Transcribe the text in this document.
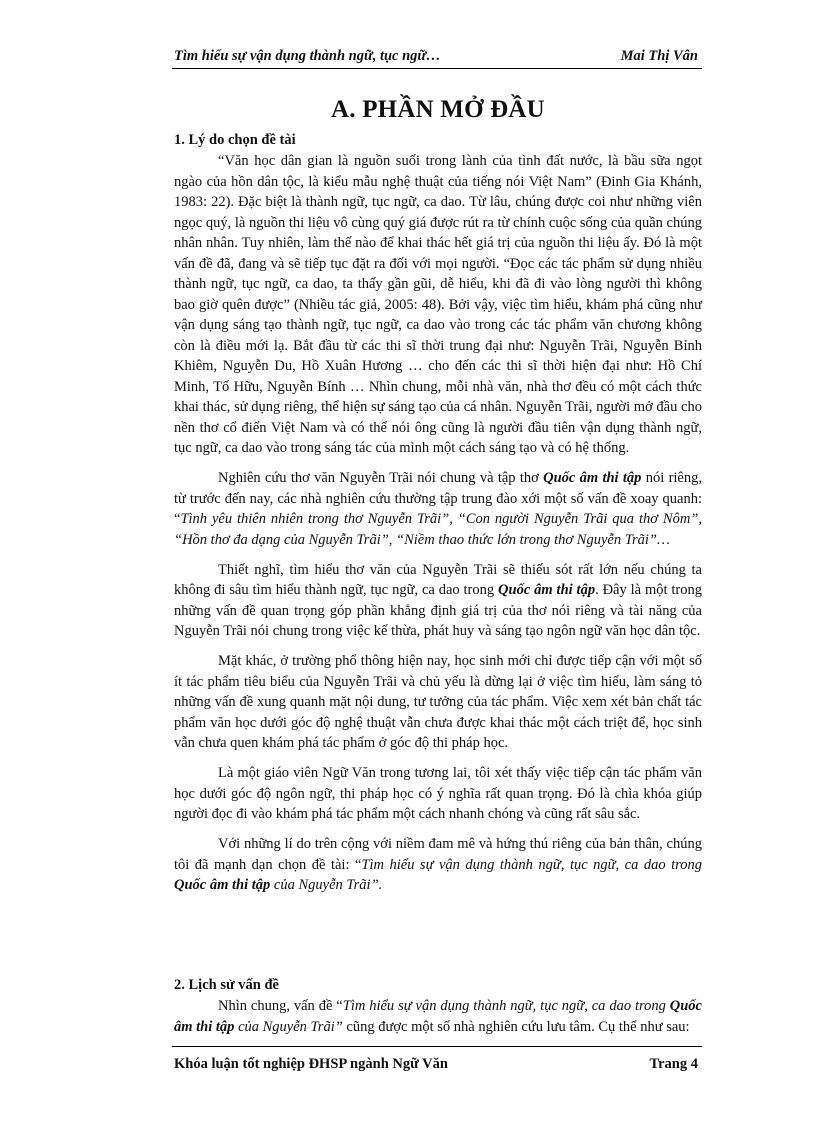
Tìm hiểu sự vận dụng thành ngữ, tục ngữ…	Mai Thị Vân
A. PHẦN MỞ ĐẦU
1. Lý do chọn đề tài

“Văn học dân gian là nguồn suối trong lành của tình đất nước, là bầu sữa ngọt ngào của hồn dân tộc, là kiểu mẫu nghệ thuật của tiếng nói Việt Nam” (Đinh Gia Khánh, 1983: 22). Đặc biệt là thành ngữ, tục ngữ, ca dao. Từ lâu, chúng được coi như những viên ngọc quý, là nguồn thi liệu vô cùng quý giá được rút ra từ chính cuộc sống của quần chúng nhân nhân. Tuy nhiên, làm thế nào để khai thác hết giá trị của nguồn thi liệu ấy. Đó là một vấn đề đã, đang và sẽ tiếp tục đặt ra đối với mọi người. “Đọc các tác phẩm sử dụng nhiều thành ngữ, tục ngữ, ca dao, ta thấy gần gũi, dễ hiểu, khi đã đi vào lòng người thì không bao giờ quên được” (Nhiều tác giả, 2005: 48). Bởi vậy, việc tìm hiểu, khám phá cũng như vận dụng sáng tạo thành ngữ, tục ngữ, ca dao vào trong các tác phẩm văn chương không còn là điều mới lạ. Bắt đầu từ các thi sĩ thời trung đại như: Nguyễn Trãi, Nguyễn Bỉnh Khiêm, Nguyễn Du, Hồ Xuân Hương … cho đến các thi sĩ thời hiện đại như: Hồ Chí Minh, Tố Hữu, Nguyễn Bính … Nhìn chung, mỗi nhà văn, nhà thơ đều có một cách thức khai thác, sử dụng riêng, thể hiện sự sáng tạo của cá nhân. Nguyễn Trãi, người mở đầu cho nền thơ cổ điển Việt Nam và có thể nói ông cũng là người đầu tiên vận dụng thành ngữ, tục ngữ, ca dao vào trong sáng tác của mình một cách sáng tạo và có hệ thống.

Nghiên cứu thơ văn Nguyễn Trãi nói chung và tập thơ Quốc âm thi tập nói riêng, từ trước đến nay, các nhà nghiên cứu thường tập trung đào xới một số vấn đề xoay quanh: “Tình yêu thiên nhiên trong thơ Nguyễn Trãi”, “Con người Nguyễn Trãi qua thơ Nôm”, “Hồn thơ đa dạng của Nguyễn Trãi”, “Niềm thao thức lớn trong thơ Nguyễn Trãi”…

Thiết nghĩ, tìm hiểu thơ văn của Nguyễn Trãi sẽ thiếu sót rất lớn nếu chúng ta không đi sâu tìm hiểu thành ngữ, tục ngữ, ca dao trong Quốc âm thi tập. Đây là một trong những vấn đề quan trọng góp phần khẳng định giá trị của thơ nói riêng và tài năng của Nguyễn Trãi nói chung trong việc kế thừa, phát huy và sáng tạo ngôn ngữ văn học dân tộc.

Mặt khác, ở trường phổ thông hiện nay, học sinh mới chỉ được tiếp cận với một số ít tác phẩm tiêu biểu của Nguyễn Trãi và chủ yếu là dừng lại ở việc tìm hiểu, làm sáng tỏ những vấn đề xung quanh mặt nội dung, tư tưởng của tác phẩm. Việc xem xét bản chất tác phẩm văn học dưới góc độ nghệ thuật vẫn chưa được khai thác một cách triệt để, học sinh vẫn chưa quen khám phá tác phẩm ở góc độ thi pháp học.

Là một giáo viên Ngữ Văn trong tương lai, tôi xét thấy việc tiếp cận tác phẩm văn học dưới góc độ ngôn ngữ, thi pháp học có ý nghĩa rất quan trọng. Đó là chìa khóa giúp người đọc đi vào khám phá tác phẩm một cách nhanh chóng và cũng rất sâu sắc.

Với những lí do trên cộng với niềm đam mê và hứng thú riêng của bản thân, chúng tôi đã mạnh dạn chọn đề tài: “Tìm hiểu sự vận dụng thành ngữ, tục ngữ, ca dao trong Quốc âm thi tập của Nguyễn Trãi”.

2. Lịch sử vấn đề

Nhìn chung, vấn đề “Tìm hiểu sự vận dụng thành ngữ, tục ngữ, ca dao trong Quốc âm thi tập của Nguyễn Trãi” cũng được một số nhà nghiên cứu lưu tâm. Cụ thể như sau:

Khóa luận tốt nghiệp ĐHSP ngành Ngữ Văn	Trang 4
